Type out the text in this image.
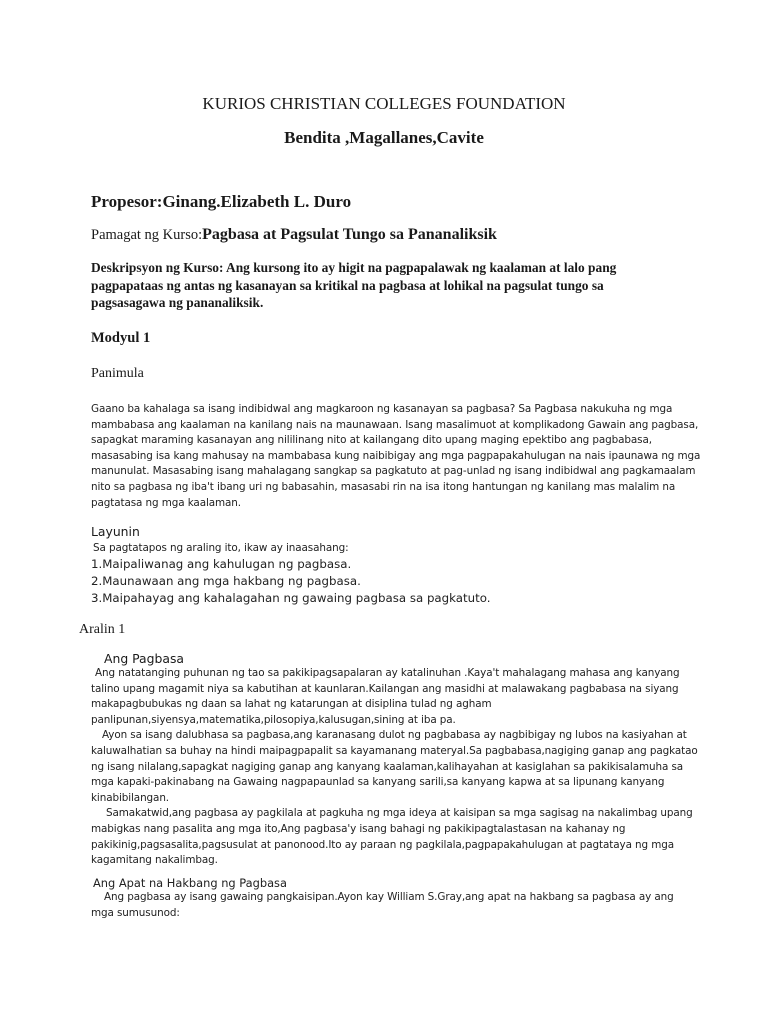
KURIOS CHRISTIAN COLLEGES FOUNDATION

Bendita ,Magallanes,Cavite

Propesor:Ginang.Elizabeth L. Duro

Pamagat ng Kurso:Pagbasa at Pagsulat Tungo sa Pananaliksik

Deskripsyon ng Kurso: Ang kursong ito ay higit na pagpapalawak ng kaalaman at lalo pang
pagpapataas ng antas ng kasanayan sa kritikal na pagbasa at lohikal na pagsulat tungo sa
pagsasagawa ng pananaliksik.

Modyul 1

Panimula

Gaano ba kahalaga sa isang indibidwal ang magkaroon ng kasanayan sa pagbasa? Sa Pagbasa nakukuha ng mga
mambabasa ang kaalaman na kanilang nais na maunawaan. Isang masalimuot at komplikadong Gawain ang pagbasa,
sapagkat maraming kasanayan ang nililinang nito at kailangang dito upang maging epektibo ang pagbabasa,
masasabing isa kang mahusay na mambabasa kung naibibigay ang mga pagpapakahulugan na nais ipaunawa ng mga
manunulat. Masasabing isang mahalagang sangkap sa pagkatuto at pag-unlad ng isang indibidwal ang pagkamaalam
nito sa pagbasa ng iba't ibang uri ng babasahin, masasabi rin na isa itong hantungan ng kanilang mas malalim na
pagtatasa ng mga kaalaman.

Layunin

Sa pagtatapos ng araling ito, ikaw ay inaasahang:

1.Maipaliwanag ang kahulugan ng pagbasa.
2.Maunawaan ang mga hakbang ng pagbasa.
3.Maipahayag ang kahalagahan ng gawaing pagbasa sa pagkatuto.

Aralin 1

Ang Pagbasa

Ang natatanging puhunan ng tao sa pakikipagsapalaran ay katalinuhan .Kaya't mahalagang mahasa ang kanyang
talino upang magamit niya sa kabutihan at kaunlaran.Kailangan ang masidhi at malawakang pagbabasa na siyang
makapagbubukas ng daan sa lahat ng katarungan at disiplina tulad ng agham
panlipunan,siyensya,matematika,pilosopiya,kalusugan,sining at iba pa.
Ayon sa isang dalubhasa sa pagbasa,ang karanasang dulot ng pagbabasa ay nagbibigay ng lubos na kasiyahan at
kaluwalhatian sa buhay na hindi maipagpapalit sa kayamanang materyal.Sa pagbabasa,nagiging ganap ang pagkatao
ng isang nilalang,sapagkat nagiging ganap ang kanyang kaalaman,kalihayahan at kasiglahan sa pakikisalamuha sa
mga kapaki-pakinabang na Gawaing nagpapaunlad sa kanyang sarili,sa kanyang kapwa at sa lipunang kanyang
kinabibilangan.
Samakatwid,ang pagbasa ay pagkilala at pagkuha ng mga ideya at kaisipan sa mga sagisag na nakalimbag upang
mabigkas nang pasalita ang mga ito,Ang pagbasa'y isang bahagi ng pakikipagtalastasan na kahanay ng
pakikinig,pagsasalita,pagsusulat at panonood.Ito ay paraan ng pagkilala,pagpapakahulugan at pagtataya ng mga
kagamitang nakalimbag.

Ang Apat na Hakbang ng Pagbasa

Ang pagbasa ay isang gawaing pangkaisipan.Ayon kay William S.Gray,ang apat na hakbang sa pagbasa ay ang
mga sumusunod:
